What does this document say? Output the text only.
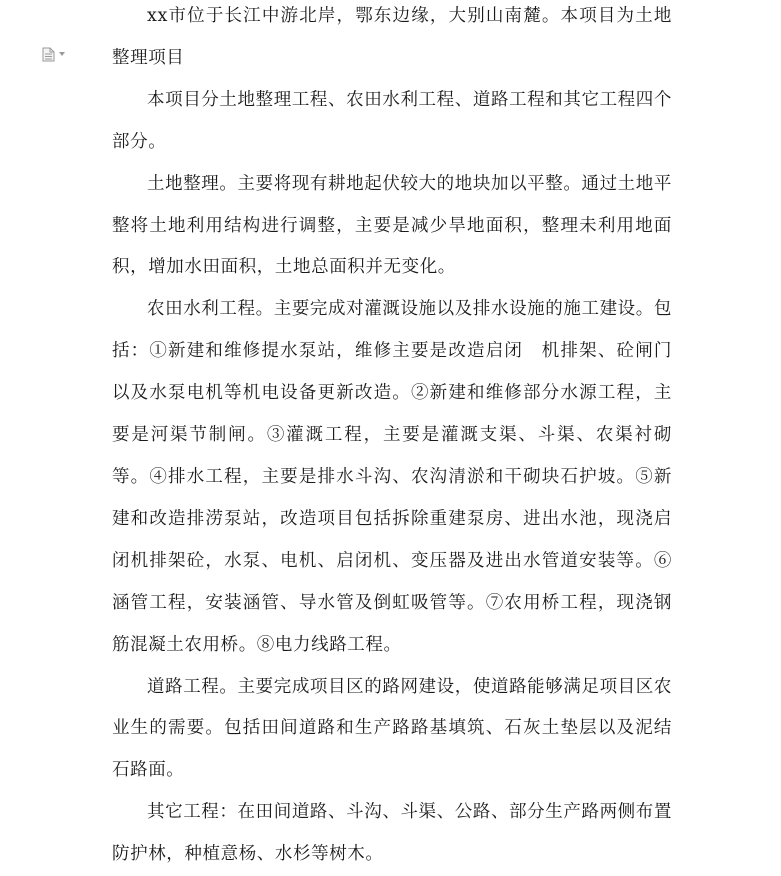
xx市位于长江中游北岸，鄂东边缘，大别山南麓。本项目为土地整理项目

本项目分土地整理工程、农田水利工程、道路工程和其它工程四个部分。

土地整理。主要将现有耕地起伏较大的地块加以平整。通过土地平整将土地利用结构进行调整，主要是减少旱地面积，整理未利用地面积，增加水田面积，土地总面积并无变化。

农田水利工程。主要完成对灌溉设施以及排水设施的施工建设。包括：①新建和维修提水泵站，维修主要是改造启闭　机排架、砼闸门以及水泵电机等机电设备更新改造。②新建和维修部分水源工程，主要是河渠节制闸。③灌溉工程，主要是灌溉支渠、斗渠、农渠衬砌等。④排水工程，主要是排水斗沟、农沟清淤和干砌块石护坡。⑤新建和改造排涝泵站，改造项目包括拆除重建泵房、进出水池，现浇启闭机排架砼，水泵、电机、启闭机、变压器及进出水管道安装等。⑥涵管工程，安装涵管、导水管及倒虹吸管等。⑦农用桥工程，现浇钢筋混凝土农用桥。⑧电力线路工程。

道路工程。主要完成项目区的路网建设，使道路能够满足项目区农业生的需要。包括田间道路和生产路路基填筑、石灰土垫层以及泥结石路面。

其它工程：在田间道路、斗沟、斗渠、公路、部分生产路两侧布置防护林，种植意杨、水杉等树木。
